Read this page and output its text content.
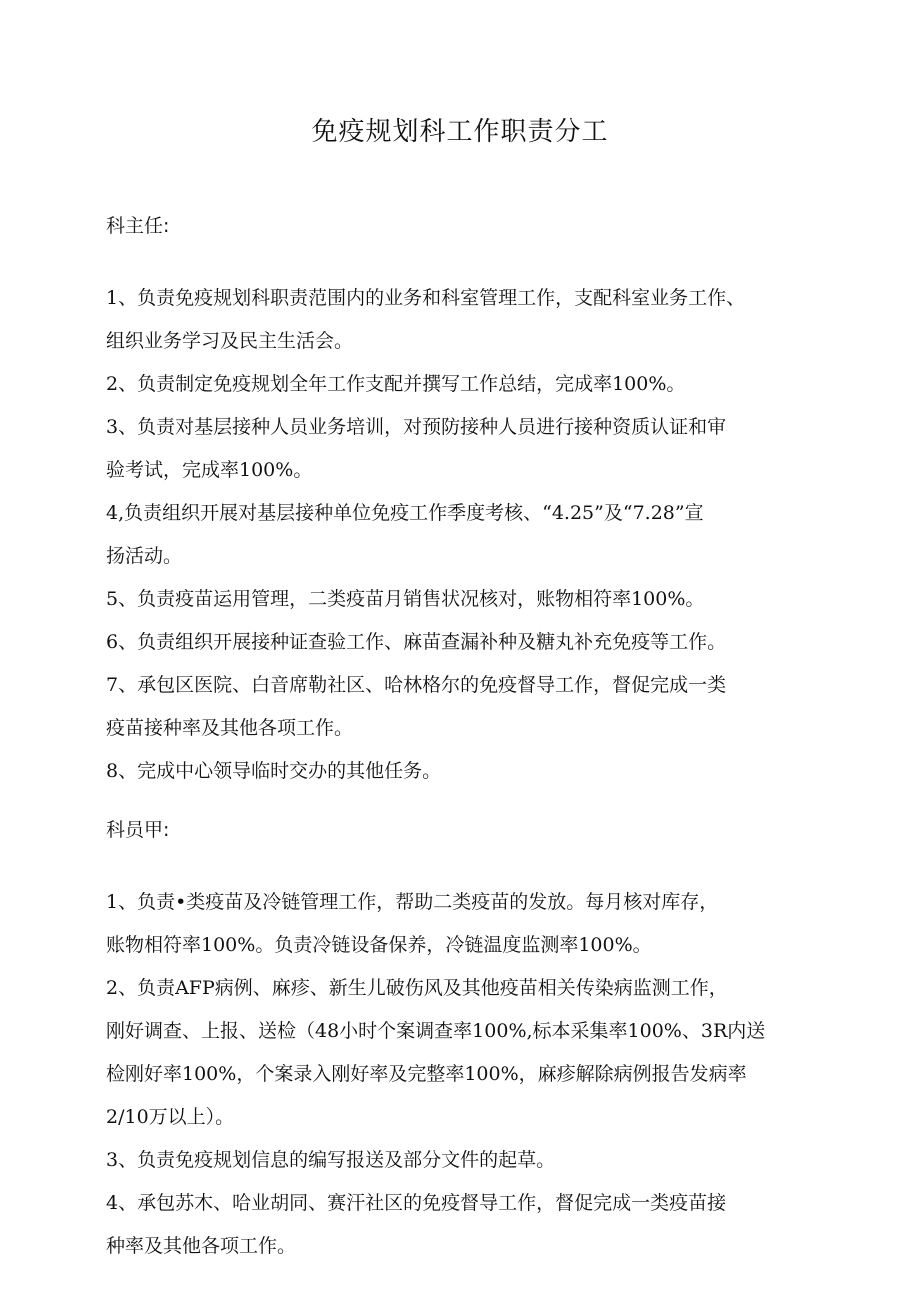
免疫规划科工作职责分工

科主任:

1、负责免疫规划科职责范围内的业务和科室管理工作，支配科室业务工作、
组织业务学习及民主生活会。
2、负责制定免疫规划全年工作支配并撰写工作总结，完成率100%。
3、负责对基层接种人员业务培训，对预防接种人员进行接种资质认证和审
验考试，完成率100%。
4,负责组织开展对基层接种单位免疫工作季度考核、“4.25”及“7.28”宣
扬活动。
5、负责疫苗运用管理，二类疫苗月销售状况核对，账物相符率100%。
6、负责组织开展接种证查验工作、麻苗查漏补种及糖丸补充免疫等工作。
7、承包区医院、白音席勒社区、哈林格尔的免疫督导工作，督促完成一类
疫苗接种率及其他各项工作。
8、完成中心领导临时交办的其他任务。

科员甲:

1、负责•类疫苗及冷链管理工作，帮助二类疫苗的发放。每月核对库存，
账物相符率100%。负责冷链设备保养，冷链温度监测率100%。
2、负责AFP病例、麻疹、新生儿破伤风及其他疫苗相关传染病监测工作，
刚好调查、上报、送检（48小时个案调查率100%,标本采集率100%、3R内送
检刚好率100%，个案录入刚好率及完整率100%，麻疹解除病例报告发病率
2/10万以上）。
3、负责免疫规划信息的编写报送及部分文件的起草。
4、承包苏木、哈业胡同、赛汗社区的免疫督导工作，督促完成一类疫苗接
种率及其他各项工作。
